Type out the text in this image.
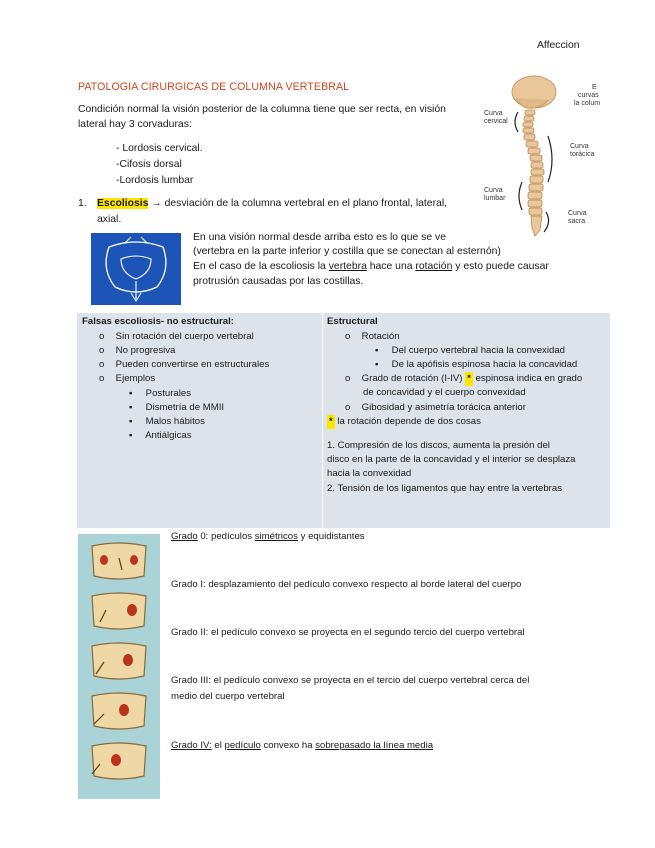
Affeccion
PATOLOGIA CIRURGICAS DE COLUMNA VERTEBRAL
Condición normal la visión posterior de la columna tiene que ser recta, en visión
lateral hay 3 corvaduras:
- Lordosis cervical.
-Cifosis dorsal
-Lordosis lumbar
E
curvas
la colum
Curva
cervical
Curva
torácica
Curva
lumbar
Curva
sacra
1. Escoliosis → desviación de la columna vertebral en el plano frontal, lateral,
axial.
En una visión normal desde arriba esto es lo que se ve
(vertebra en la parte inferior y costilla que se conectan al esternón)
En el caso de la escoliosis la vertebra hace una rotación y esto puede causar
protrusión causadas por las costillas.
Falsas escoliosis- no estructural:
o Sin rotación del cuerpo vertebral
o No progresiva
o Pueden convertirse en estructurales
o Ejemplos
▪ Posturales
▪ Dismetría de MMII
▪ Malos hábitos
▪ Antiálgicas
Estructural
o Rotación
▪ Del cuerpo vertebral hacia la convexidad
▪ De la apófisis espinosa hacia la concavidad
o Grado de rotación (I-IV) * espinosa indica en grado
de concavidad y el cuerpo convexidad
o Gibosidad y asimetría torácica anterior
* la rotación depende de dos cosas
1. Compresión de los discos, aumenta la presión del
disco en la parte de la concavidad y el interior se desplaza
hacia la convexidad
2. Tensión de los ligamentos que hay entre la vertebras
Grado 0: pedículos simétricos y equidistantes
Grado I: desplazamiento del pedículo convexo respecto al borde lateral del cuerpo
Grado II: el pedículo convexo se proyecta en el segundo tercio del cuerpo vertebral
Grado III: el pedículo convexo se proyecta en el tercio del cuerpo vertebral cerca del
medio del cuerpo vertebral
Grado IV: el pedículo convexo ha sobrepasado la línea media
